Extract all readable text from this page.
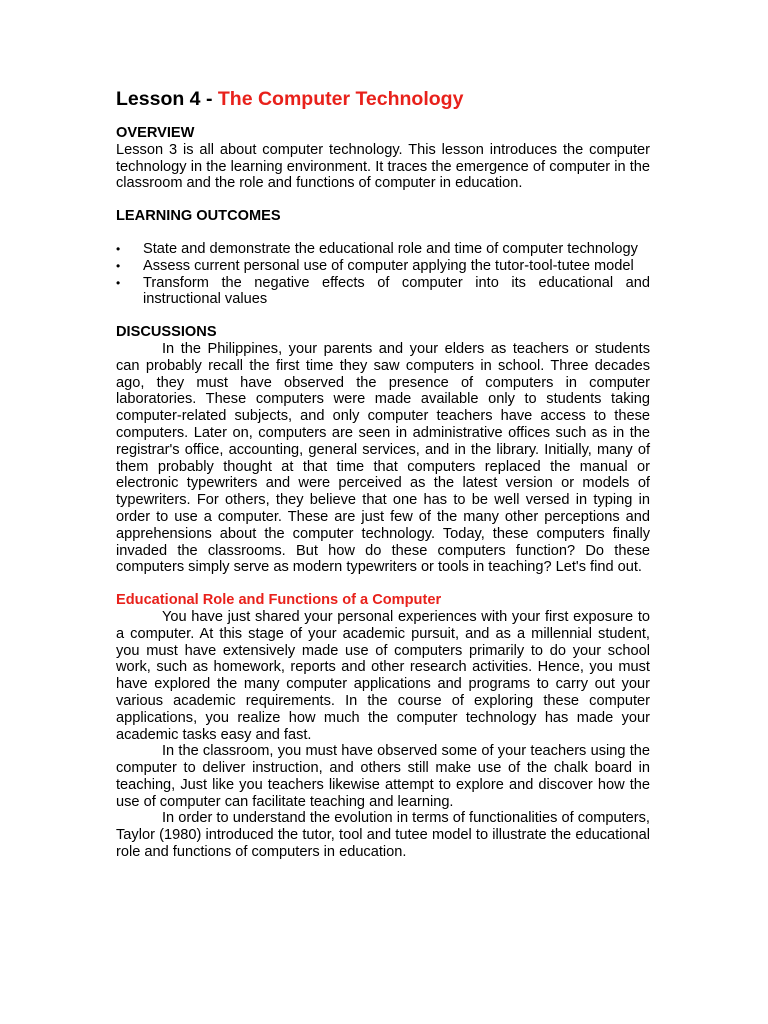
Lesson 4 - The Computer Technology
OVERVIEW

Lesson 3 is all about computer technology. This lesson introduces the computer technology in the learning environment. It traces the emergence of computer in the classroom and the role and functions of computer in education.

LEARNING OUTCOMES
•	State and demonstrate the educational role and time of computer technology
•	Assess current personal use of computer applying the tutor-tool-tutee model
•	Transform the negative effects of computer into its educational and instructional values
DISCUSSIONS

In the Philippines, your parents and your elders as teachers or students can probably recall the first time they saw computers in school. Three decades ago, they must have observed the presence of computers in computer laboratories. These computers were made available only to students taking computer-related subjects, and only computer teachers have access to these computers. Later on, computers are seen in administrative offices such as in the registrar's office, accounting, general services, and in the library. Initially, many of them probably thought at that time that computers replaced the manual or electronic typewriters and were perceived as the latest version or models of typewriters. For others, they believe that one has to be well versed in typing in order to use a computer. These are just few of the many other perceptions and apprehensions about the computer technology. Today, these computers finally invaded the classrooms. But how do these computers function? Do these computers simply serve as modern typewriters or tools in teaching? Let's find out.

Educational Role and Functions of a Computer

You have just shared your personal experiences with your first exposure to a computer. At this stage of your academic pursuit, and as a millennial student, you must have extensively made use of computers primarily to do your school work, such as homework, reports and other research activities. Hence, you must have explored the many computer applications and programs to carry out your various academic requirements. In the course of exploring these computer applications, you realize how much the computer technology has made your academic tasks easy and fast.

In the classroom, you must have observed some of your teachers using the computer to deliver instruction, and others still make use of the chalk board in teaching, Just like you teachers likewise attempt to explore and discover how the use of computer can facilitate teaching and learning.

In order to understand the evolution in terms of functionalities of computers, Taylor (1980) introduced the tutor, tool and tutee model to illustrate the educational role and functions of computers in education.
